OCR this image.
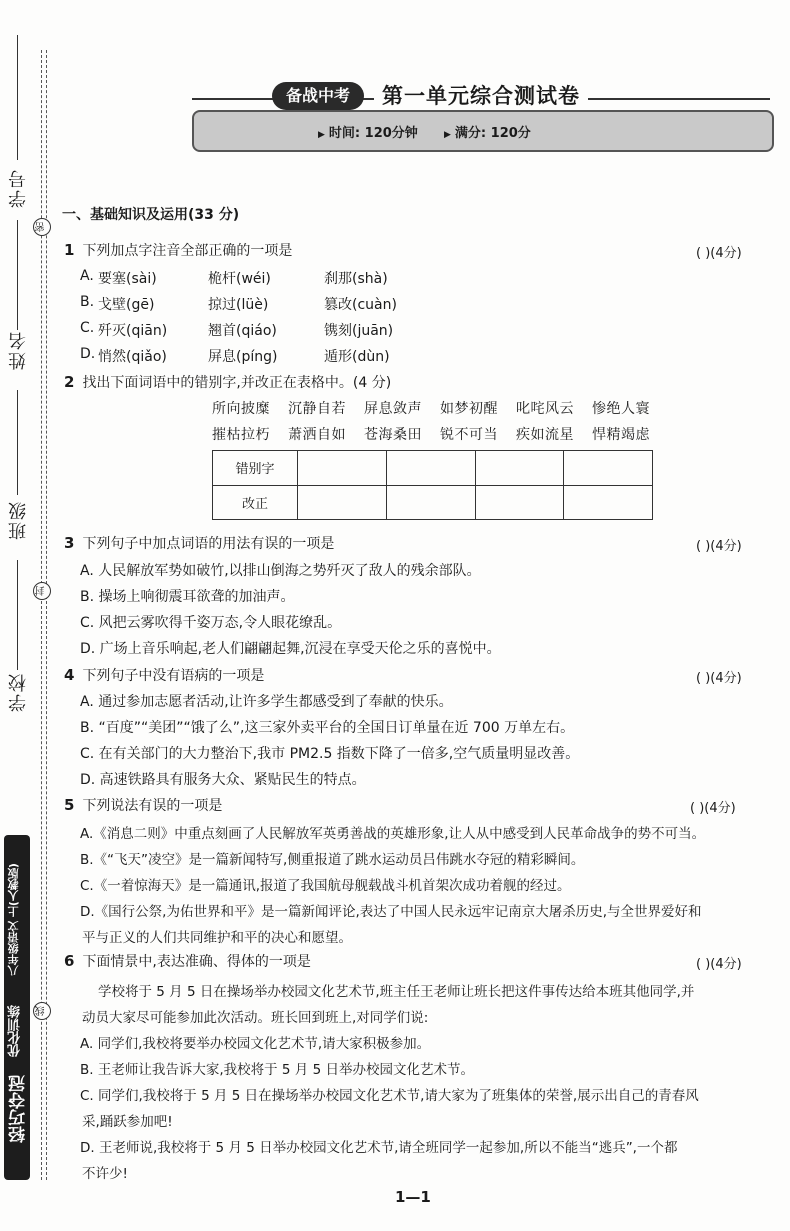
学号
姓名
班级
学校
密
封
线
八年级语文 上(人教版)
优化训练
轻巧夺冠
备战中考	第一单元综合测试卷
▶ 时间: 120分钟	▶ 满分: 120分
一、基础知识及运用(33 分)
1 下列加点字注音全部正确的一项是	( )(4分)
A. 要塞(sài)	桅杆(wéi)	刹那(shà)
B. 戈壁(gē)	掠过(lüè)	篡改(cuàn)
C. 歼灭(qiān)	翘首(qiáo)	镌刻(juān)
D. 悄然(qiǎo)	屏息(píng)	遁形(dùn)
2 找出下面词语中的错别字,并改正在表格中。(4 分)
所向披糜 沉静自若 屏息敛声 如梦初醒 叱咤风云 惨绝人寰
摧枯拉朽 萧洒自如 苍海桑田 锐不可当 疾如流星 悍精竭虑
错别字				
改正				
3 下列句子中加点词语的用法有误的一项是	( )(4分)
A. 人民解放军势如破竹,以排山倒海之势歼灭了敌人的残余部队。
B. 操场上响彻震耳欲聋的加油声。
C. 风把云雾吹得千姿万态,令人眼花缭乱。
D. 广场上音乐响起,老人们翩翩起舞,沉浸在享受天伦之乐的喜悦中。
4 下列句子中没有语病的一项是	( )(4分)
A. 通过参加志愿者活动,让许多学生都感受到了奉献的快乐。
B. “百度”“美团”“饿了么”,这三家外卖平台的全国日订单量在近 700 万单左右。
C. 在有关部门的大力整治下,我市 PM2.5 指数下降了一倍多,空气质量明显改善。
D. 高速铁路具有服务大众、紧贴民生的特点。
5 下列说法有误的一项是	( )(4分)
A.《消息二则》中重点刻画了人民解放军英勇善战的英雄形象,让人从中感受到人民革命战争的势不可当。
B.《“飞天”凌空》是一篇新闻特写,侧重报道了跳水运动员吕伟跳水夺冠的精彩瞬间。
C.《一着惊海天》是一篇通讯,报道了我国航母舰载战斗机首架次成功着舰的经过。
D.《国行公祭,为佑世界和平》是一篇新闻评论,表达了中国人民永远牢记南京大屠杀历史,与全世界爱好和
平与正义的人们共同维护和平的决心和愿望。
6 下面情景中,表达准确、得体的一项是	( )(4分)
学校将于 5 月 5 日在操场举办校园文化艺术节,班主任王老师让班长把这件事传达给本班其他同学,并
动员大家尽可能参加此次活动。班长回到班上,对同学们说:
A. 同学们,我校将要举办校园文化艺术节,请大家积极参加。
B. 王老师让我告诉大家,我校将于 5 月 5 日举办校园文化艺术节。
C. 同学们,我校将于 5 月 5 日在操场举办校园文化艺术节,请大家为了班集体的荣誉,展示出自己的青春风
采,踊跃参加吧!
D. 王老师说,我校将于 5 月 5 日举办校园文化艺术节,请全班同学一起参加,所以不能当“逃兵”,一个都
不许少!
1—1
